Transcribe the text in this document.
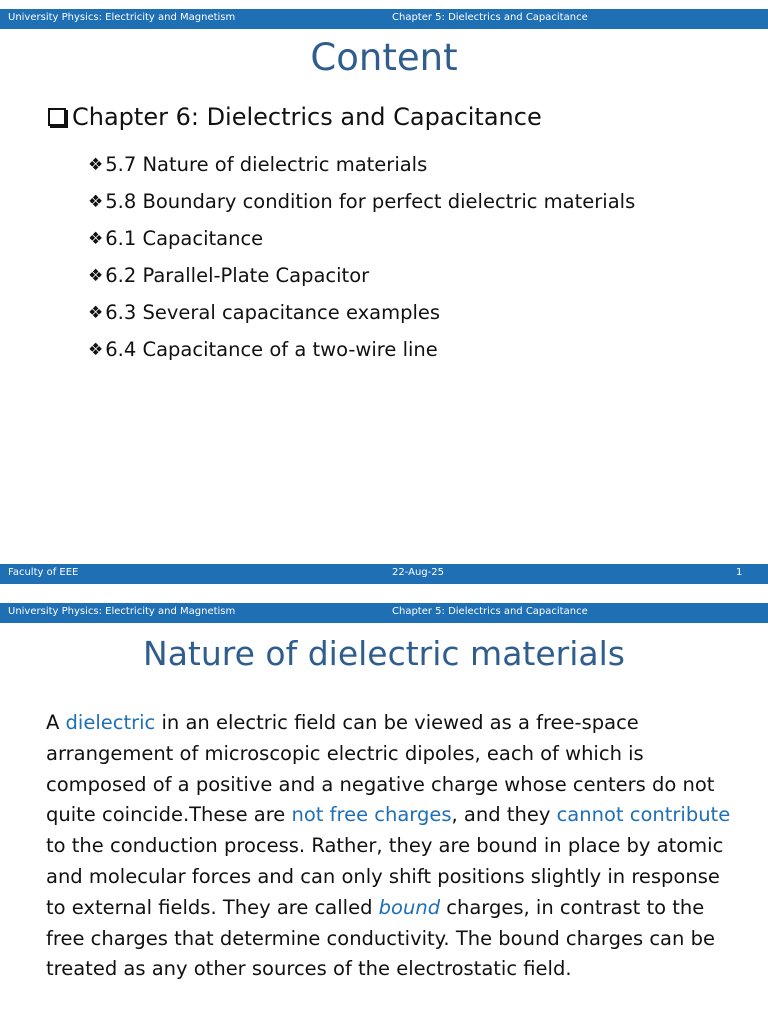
University Physics: Electricity and Magnetism	Chapter 5: Dielectrics and Capacitance
Content
Chapter 6: Dielectrics and Capacitance
❖ 5.7 Nature of dielectric materials
❖ 5.8 Boundary condition for perfect dielectric materials
❖ 6.1 Capacitance
❖ 6.2 Parallel-Plate Capacitor
❖ 6.3 Several capacitance examples
❖ 6.4 Capacitance of a two-wire line
Faculty of EEE	22-Aug-25	1
University Physics: Electricity and Magnetism	Chapter 5: Dielectrics and Capacitance
Nature of dielectric materials

A dielectric in an electric field can be viewed as a free-space arrangement of microscopic electric dipoles, each of which is composed of a positive and a negative charge whose centers do not quite coincide.These are not free charges, and they cannot contribute to the conduction process. Rather, they are bound in place by atomic and molecular forces and can only shift positions slightly in response to external fields. They are called bound charges, in contrast to the free charges that determine conductivity. The bound charges can be treated as any other sources of the electrostatic field.
